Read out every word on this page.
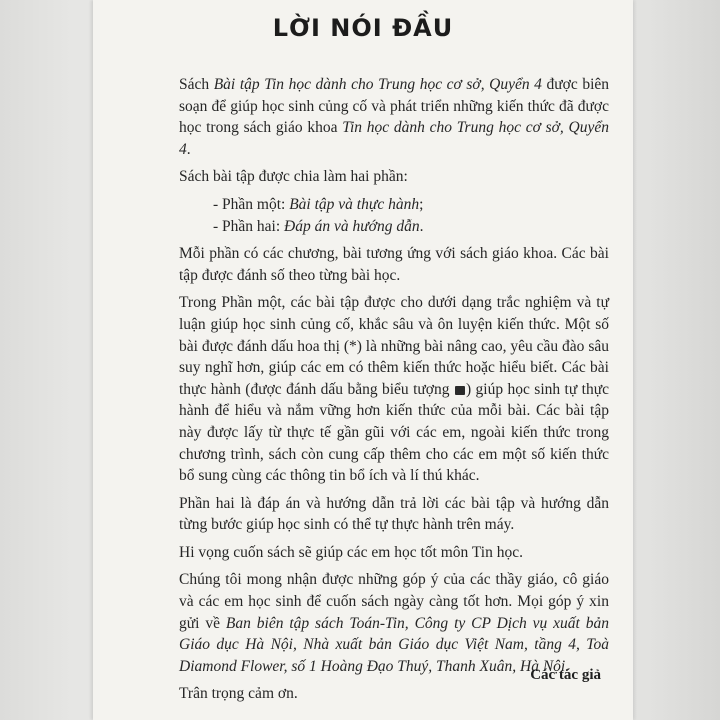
LỜI NÓI ĐẦU

Sách Bài tập Tin học dành cho Trung học cơ sở, Quyển 4 được biên soạn để giúp học sinh củng cố và phát triển những kiến thức đã được học trong sách giáo khoa Tin học dành cho Trung học cơ sở, Quyển 4.

Sách bài tập được chia làm hai phần:

- Phần một: Bài tập và thực hành;
- Phần hai: Đáp án và hướng dẫn.

Mỗi phần có các chương, bài tương ứng với sách giáo khoa. Các bài tập được đánh số theo từng bài học.

Trong Phần một, các bài tập được cho dưới dạng trắc nghiệm và tự luận giúp học sinh củng cố, khắc sâu và ôn luyện kiến thức. Một số bài được đánh dấu hoa thị (*) là những bài nâng cao, yêu cầu đào sâu suy nghĩ hơn, giúp các em có thêm kiến thức hoặc hiểu biết. Các bài thực hành (được đánh dấu bằng biểu tượng ) giúp học sinh tự thực hành để hiểu và nắm vững hơn kiến thức của mỗi bài. Các bài tập này được lấy từ thực tế gần gũi với các em, ngoài kiến thức trong chương trình, sách còn cung cấp thêm cho các em một số kiến thức bổ sung cùng các thông tin bổ ích và lí thú khác.

Phần hai là đáp án và hướng dẫn trả lời các bài tập và hướng dẫn từng bước giúp học sinh có thể tự thực hành trên máy.

Hi vọng cuốn sách sẽ giúp các em học tốt môn Tin học.

Chúng tôi mong nhận được những góp ý của các thầy giáo, cô giáo và các em học sinh để cuốn sách ngày càng tốt hơn. Mọi góp ý xin gửi về Ban biên tập sách Toán-Tin, Công ty CP Dịch vụ xuất bản Giáo dục Hà Nội, Nhà xuất bản Giáo dục Việt Nam, tầng 4, Toà Diamond Flower, số 1 Hoàng Đạo Thuý, Thanh Xuân, Hà Nội.

Trân trọng cảm ơn.

Các tác giả
